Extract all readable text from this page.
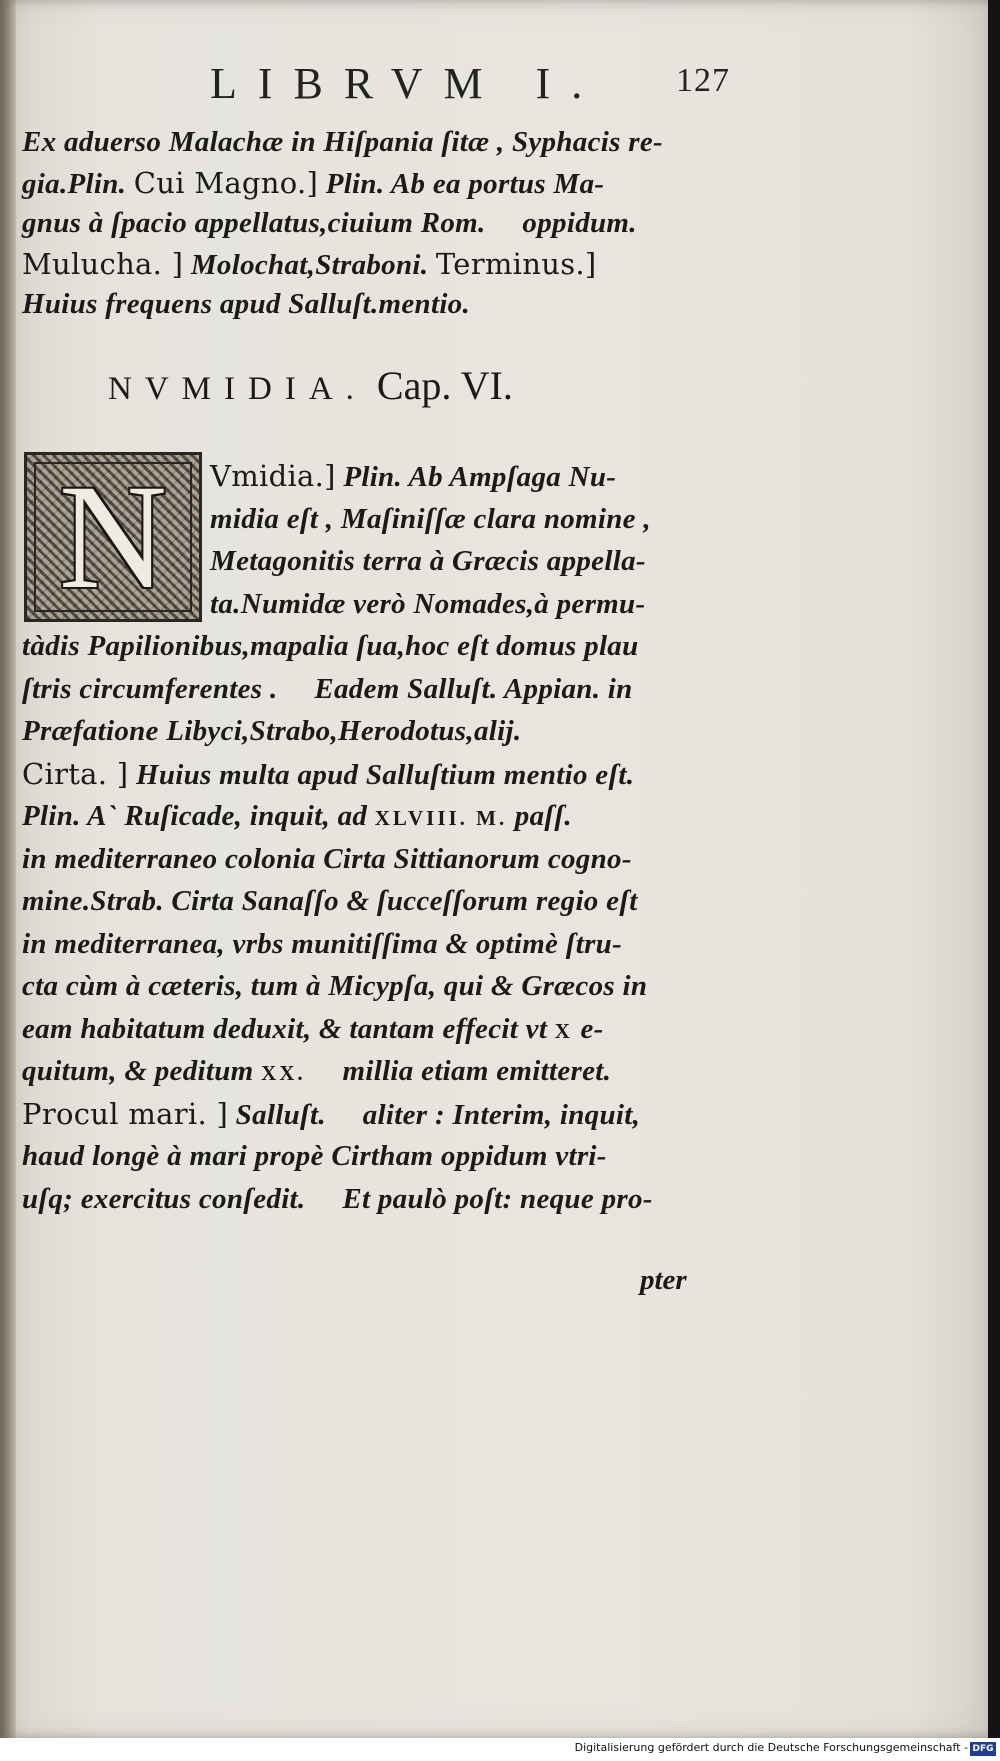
LIBRVM I. 127
Ex aduerso Malachæ in Hiſpania ſitæ , Syphacis re-
gia.Plin. Cui Magno.] Plin. Ab ea portus Ma-
gnus à ſpacio appellatus,ciuium Rom.  oppidum.
Mulucha. ] Molochat,Straboni. Terminus.]
Huius frequens apud Salluſt.mentio.
NVMIDIA. Cap. VI.
N	Vmidia.] Plin. Ab Ampſaga Nu-
midia eſt , Maſiniſſæ clara nomine ,
Metagonitis terra à Græcis appella-
ta.Numidæ verò Nomades,à permu-
tàdis Papilionibus,mapalia ſua,hoc eſt domus plau
ſtris circumferentes .  Eadem Salluſt. Appian. in
Præfatione Libyci,Strabo,Herodotus,alij.
Cirta. ] Huius multa apud Salluſtium mentio eſt.
Plin. A` Ruſicade, inquit, ad XLVIII. M. paſſ.
in mediterraneo colonia Cirta Sittianorum cogno-
mine.Strab. Cirta Sanaſſo & ſucceſſorum regio eſt
in mediterranea, vrbs munitiſſima & optimè ſtru-
cta cùm à cæteris, tum à Micypſa, qui & Græcos in
eam habitatum deduxit, & tantam effecit vt X e-
quitum, & peditum XX.  millia etiam emitteret.
Procul mari. ] Salluſt.  aliter : Interim, inquit,
haud longè à mari propè Cirtham oppidum vtri-
uſq; exercitus conſedit.  Et paulò poſt: neque pro-
pter
Digitalisierung gefördert durch die Deutsche Forschungsgemeinschaft - DFG
